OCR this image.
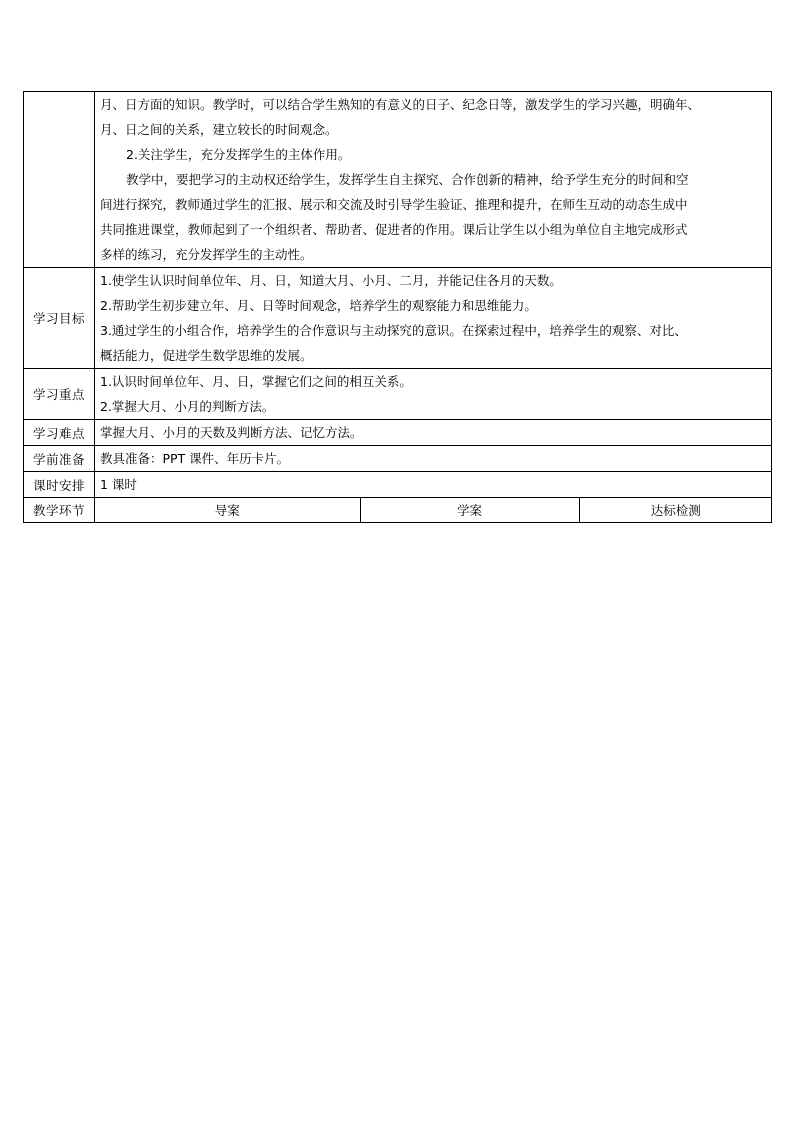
月、日方面的知识。教学时，可以结合学生熟知的有意义的日子、纪念日等，激发学生的学习兴趣，明确年、
月、日之间的关系，建立较长的时间观念。
2.关注学生，充分发挥学生的主体作用。
教学中，要把学习的主动权还给学生，发挥学生自主探究、合作创新的精神，给予学生充分的时间和空
间进行探究，教师通过学生的汇报、展示和交流及时引导学生验证、推理和提升，在师生互动的动态生成中
共同推进课堂，教师起到了一个组织者、帮助者、促进者的作用。课后让学生以小组为单位自主地完成形式
多样的练习，充分发挥学生的主动性。

学习目标	
1.使学生认识时间单位年、月、日，知道大月、小月、二月，并能记住各月的天数。
2.帮助学生初步建立年、月、日等时间观念，培养学生的观察能力和思维能力。
3.通过学生的小组合作，培养学生的合作意识与主动探究的意识。在探索过程中，培养学生的观察、对比、
概括能力，促进学生数学思维的发展。

学习重点	
1.认识时间单位年、月、日，掌握它们之间的相互关系。
2.掌握大月、小月的判断方法。

学习难点	掌握大月、小月的天数及判断方法、记忆方法。

学前准备	教具准备：PPT 课件、年历卡片。

课时安排	1 课时

教学环节		导案	学案	达标检测
